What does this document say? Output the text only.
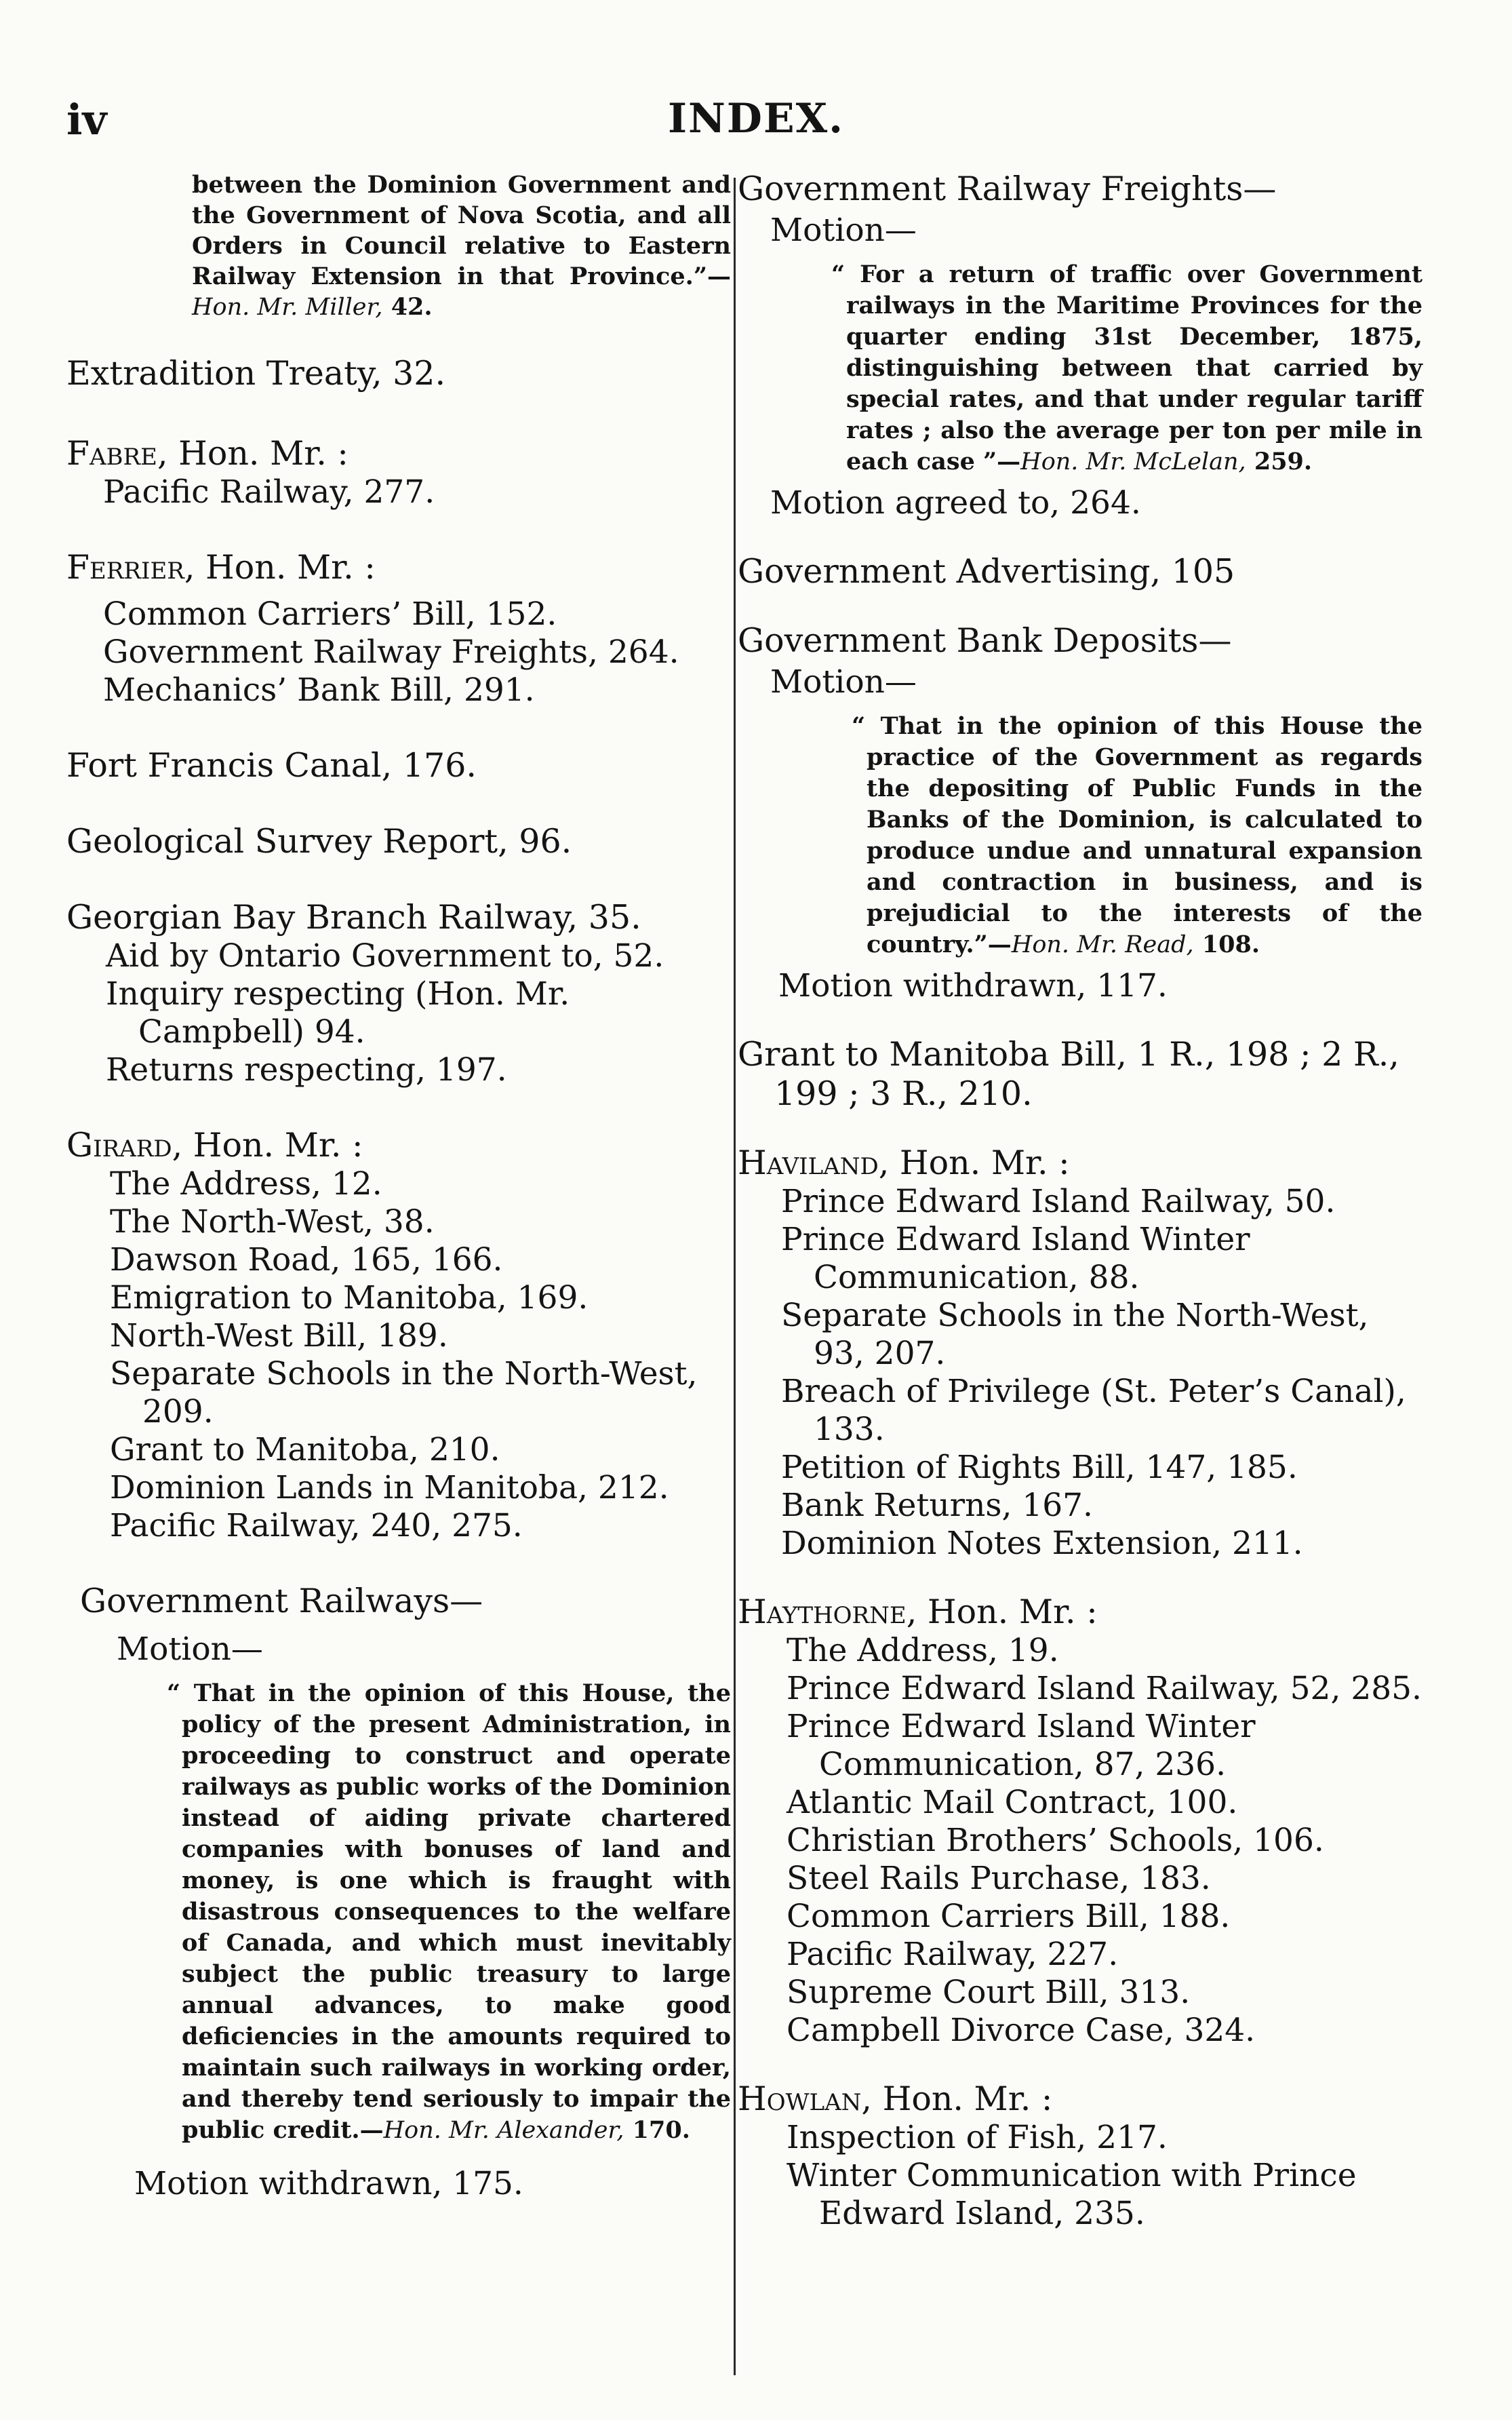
iv	INDEX.
between the Dominion Government and the Government of Nova Scotia, and all Orders in Council relative to Eastern Railway Extension in that Province.”—Hon. Mr. Miller, 42.
Extradition Treaty, 32.
Fabre, Hon. Mr. :
Pacific Railway, 277.
Ferrier, Hon. Mr. :
Common Carriers’ Bill, 152.
Government Railway Freights, 264.
Mechanics’ Bank Bill, 291.
Fort Francis Canal, 176.
Geological Survey Report, 96.
Georgian Bay Branch Railway, 35.
Aid by Ontario Government to, 52.
Inquiry respecting (Hon. Mr. Campbell) 94.
Returns respecting, 197.
Girard, Hon. Mr. :
The Address, 12.
The North-West, 38.
Dawson Road, 165, 166.
Emigration to Manitoba, 169.
North-West Bill, 189.
Separate Schools in the North-West, 209.
Grant to Manitoba, 210.
Dominion Lands in Manitoba, 212.
Pacific Railway, 240, 275.
Government Railways—
Motion—
“ That in the opinion of this House, the policy of the present Administration, in proceeding to construct and operate railways as public works of the Dominion instead of aiding private chartered companies with bonuses of land and money, is one which is fraught with disastrous consequences to the welfare of Canada, and which must inevitably subject the public treasury to large annual advances, to make good deficiencies in the amounts required to maintain such railways in working order, and thereby tend seriously to impair the public credit.—Hon. Mr. Alexander, 170.
Motion withdrawn, 175.
Government Railway Freights—
Motion—
“ For a return of traffic over Government railways in the Maritime Provinces for the quarter ending 31st December, 1875, distinguishing between that carried by special rates, and that under regular tariff rates ; also the average per ton per mile in each case ”—Hon. Mr. McLelan, 259.
Motion agreed to, 264.
Government Advertising, 105
Government Bank Deposits—
Motion—
“ That in the opinion of this House the practice of the Government as regards the depositing of Public Funds in the Banks of the Dominion, is calculated to produce undue and unnatural expansion and contraction in business, and is prejudicial to the interests of the country.”—Hon. Mr. Read, 108.
Motion withdrawn, 117.
Grant to Manitoba Bill, 1 R., 198 ; 2 R., 199 ; 3 R., 210.
Haviland, Hon. Mr. :
Prince Edward Island Railway, 50.
Prince Edward Island Winter Communication, 88.
Separate Schools in the North-West, 93, 207.
Breach of Privilege (St. Peter’s Canal), 133.
Petition of Rights Bill, 147, 185.
Bank Returns, 167.
Dominion Notes Extension, 211.
Haythorne, Hon. Mr. :
The Address, 19.
Prince Edward Island Railway, 52, 285.
Prince Edward Island Winter Communication, 87, 236.
Atlantic Mail Contract, 100.
Christian Brothers’ Schools, 106.
Steel Rails Purchase, 183.
Common Carriers Bill, 188.
Pacific Railway, 227.
Supreme Court Bill, 313.
Campbell Divorce Case, 324.
Howlan, Hon. Mr. :
Inspection of Fish, 217.
Winter Communication with Prince Edward Island, 235.
